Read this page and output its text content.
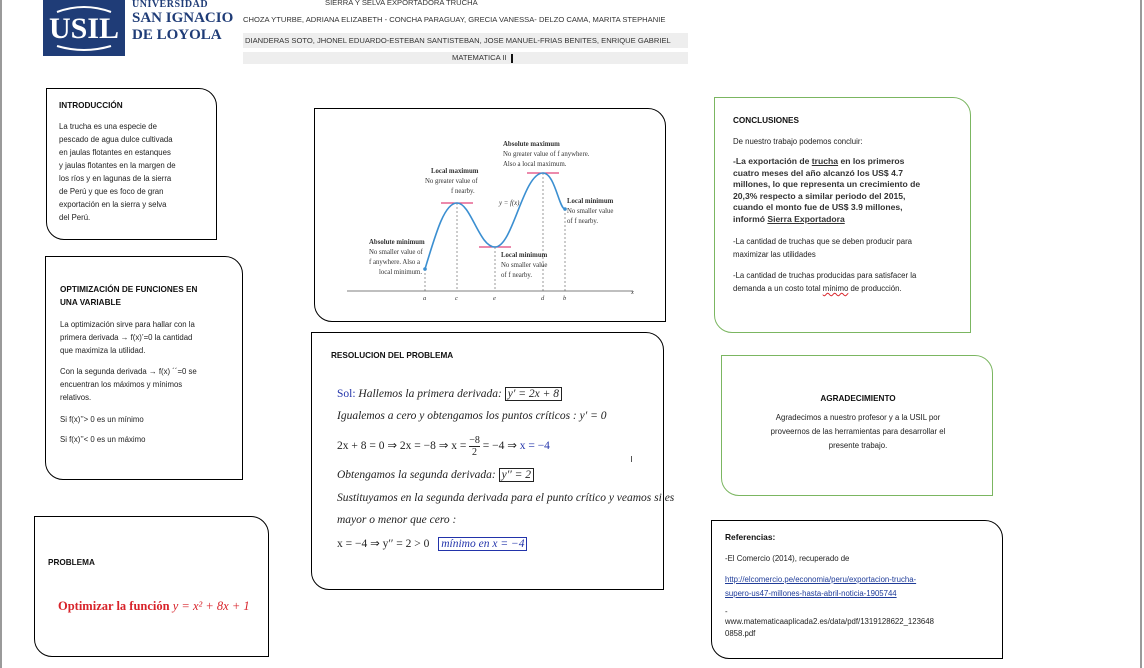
USIL
UNIVERSIDAD
SAN IGNACIO
DE LOYOLA
SIERRA Y SELVA EXPORTADORA TRUCHA
CHOZA YTURBE, ADRIANA ELIZABETH - CONCHA PARAGUAY, GRECIA VANESSA- DELZO CAMA, MARITA STEPHANIE
DIANDERAS SOTO, JHONEL EDUARDO-ESTEBAN SANTISTEBAN, JOSE MANUEL-FRIAS BENITES, ENRIQUE GABRIEL
MATEMATICA II
INTRODUCCIÓN
La trucha es una especie de
pescado de agua dulce cultivada
en jaulas flotantes en estanques
y jaulas flotantes en la margen de
los ríos y en lagunas de la sierra
de Perú y que es foco de gran
exportación en la sierra y selva
del Perú.
OPTIMIZACIÓN DE FUNCIONES EN
UNA VARIABLE
La optimización sirve para hallar con la
primera derivada → f(x)’=0 la cantidad
que maximiza la utilidad.
Con la segunda derivada → f(x) ´´=0 se
encuentran los máximos y mínimos
relativos.
Si f(x)’’> 0 es un mínimo
Si f(x)’’< 0 es un máximo
PROBLEMA
Optimizar la función y = x² + 8x + 1
a	c	e	d	b
x
Absolute minimum
No smaller value of
f anywhere. Also a
local minimum.
Local maximum
No greater value of
f nearby.
Absolute maximum
No greater value of f anywhere.
Also a local maximum.
y = f(x)
Local minimum
No smaller value
of f nearby.
Local minimum
No smaller value
of f nearby.
RESOLUCION DEL PROBLEMA
Sol: Hallemos la primera derivada: y′ = 2x + 8
Igualemos a cero y obtengamos los puntos críticos : y′ = 0
2x + 8 = 0 ⇒ 2x = −8 ⇒ $x = \frac{-8}{2} = -4$ ⇒ x = −4
Obtengamos la segunda derivada: y′′ = 2
Sustituyamos en la segunda derivada para el punto crítico y veamos si es
mayor o menor que cero :
x = −4 ⇒ y′′ = 2 > 0 mínimo en x = −4
CONCLUSIONES
De nuestro trabajo podemos concluir:
-La exportación de trucha en los primeros
cuatro meses del año alcanzó los US$ 4.7
millones, lo que representa un crecimiento de
20,3% respecto a similar periodo del 2015,
cuando el monto fue de US$ 3.9 millones,
informó Sierra Exportadora
-La cantidad de truchas que se deben producir para
maximizar las utilidades
-La cantidad de truchas producidas para satisfacer la
demanda a un costo total mínimo de producción.
AGRADECIMIENTO
Agradecimos a nuestro profesor y a la USIL por
proveernos de las herramientas para desarrollar el
presente trabajo.
Referencias:
-El Comercio (2014), recuperado de
http://elcomercio.pe/economia/peru/exportacion-trucha-
supero-us47-millones-hasta-abril-noticia-1905744
-
www.matematicaaplicada2.es/data/pdf/1319128622_123648
0858.pdf
